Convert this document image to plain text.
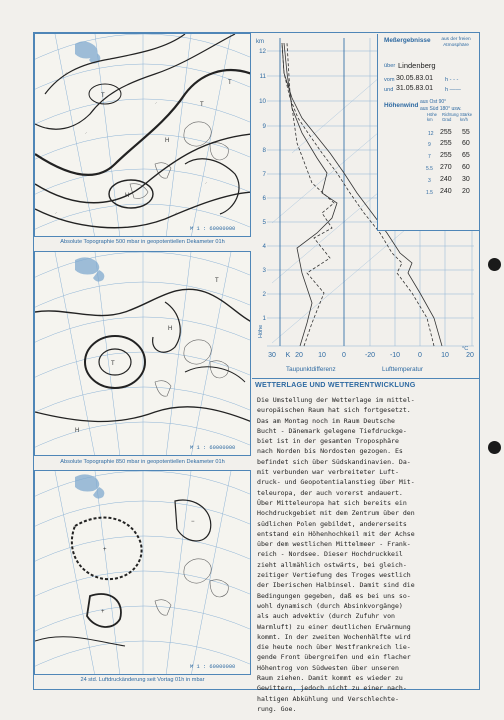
H
T
T
H
T
M 1 : 60000000
Absolute Topographie 500 mbar in geopotentiellen Dekameter 01h
T
H
T
H
M 1 : 60000000
Absolute Topographie 850 mbar in geopotentiellen Dekameter 01h
+
+
−
M 1 : 60000000
24 std. Luftdruckänderung seit Vortag 01h in mbar
km
12
11
10
9
8
7
6
5
4
3
2
1
Höhe
30 K 20 10 0	-20 -10	0	10 20
°C
Taupunktdifferenz	Lufttemperatur
Meßergebnisse	aus der freien Atmosphäre
über Lindenberg
vom 30.05.83.01 h - - -
und 31.05.83.01 h ——
Höhenwind aus Ost 90°
aus Süd 180° usw.
Höhe km
Richtung Grad
Stärke kn/h
12 255 55
9 255 60
7 255 65
5.5 270 60
3 240 30
1.5 240 20
WETTERLAGE UND WETTERENTWICKLUNG
Die Umstellung der Wetterlage im mittel-
europäischen Raum hat sich fortgesetzt.
Das am Montag noch im Raum Deutsche
Bucht - Dänemark gelegene Tiefdruckge-
biet ist in der gesamten Troposphäre
nach Norden bis Nordosten gezogen. Es
befindet sich über Südskandinavien. Da-
mit verbunden war verbreiteter Luft-
druck- und Geopotentialanstieg über Mit-
teleuropa, der auch vorerst andauert.
Über Mitteleuropa hat sich bereits ein
Hochdruckgebiet mit dem Zentrum über den
südlichen Polen gebildet, andererseits
entstand ein Höhenhochkeil mit der Achse
über dem westlichen Mittelmeer - Frank-
reich - Nordsee. Dieser Hochdruckkeil
zieht allmählich ostwärts, bei gleich-
zeitiger Vertiefung des Troges westlich
der Iberischen Halbinsel. Damit sind die
Bedingungen gegeben, daß es bei uns so-
wohl dynamisch (durch Absinkvorgänge)
als auch advektiv (durch Zufuhr von
Warmluft) zu einer deutlichen Erwärmung
kommt. In der zweiten Wochenhälfte wird
die heute noch über Westfrankreich lie-
gende Front übergreifen und ein flacher
Höhentrog von Südwesten über unseren
Raum ziehen. Damit kommt es wieder zu
Gewittern, jedoch nicht zu einer nach-
haltigen Abkühlung und Verschlechte-
rung. Goe.
